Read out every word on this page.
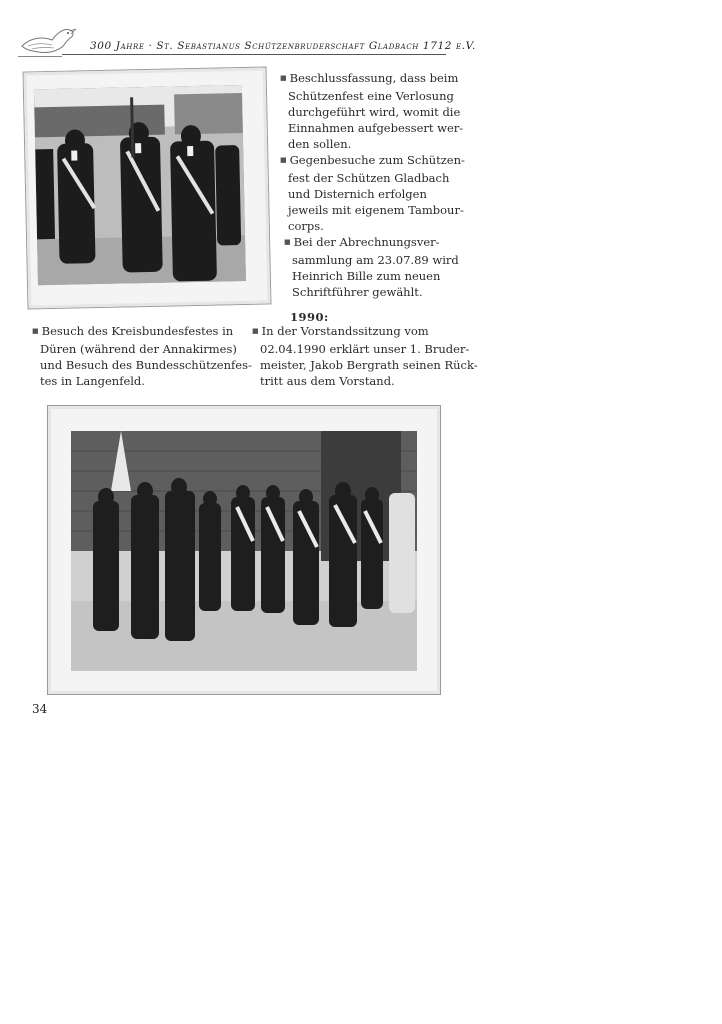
300 Jahre · St. Sebastianus Schützenbruderschaft Gladbach 1712 e.V.
■ Beschlussfassung, dass beim
Schützenfest eine Verlosung
durchgeführt wird, womit die
Einnahmen aufgebessert wer-
den sollen.
■ Gegenbesuche zum Schützen-
fest der Schützen Gladbach
und Disternich erfolgen
jeweils mit eigenem Tambour-
corps.
■ Bei der Abrechnungsver-
sammlung am 23.07.89 wird
Heinrich Bille zum neuen
Schriftführer gewählt.
1990:
■ Besuch des Kreisbundesfestes in
Düren (während der Annakirmes)
und Besuch des Bundesschützenfes-
tes in Langenfeld.
■ In der Vorstandssitzung vom
02.04.1990 erklärt unser 1. Bruder-
meister, Jakob Bergrath seinen Rück-
tritt aus dem Vorstand.
34
